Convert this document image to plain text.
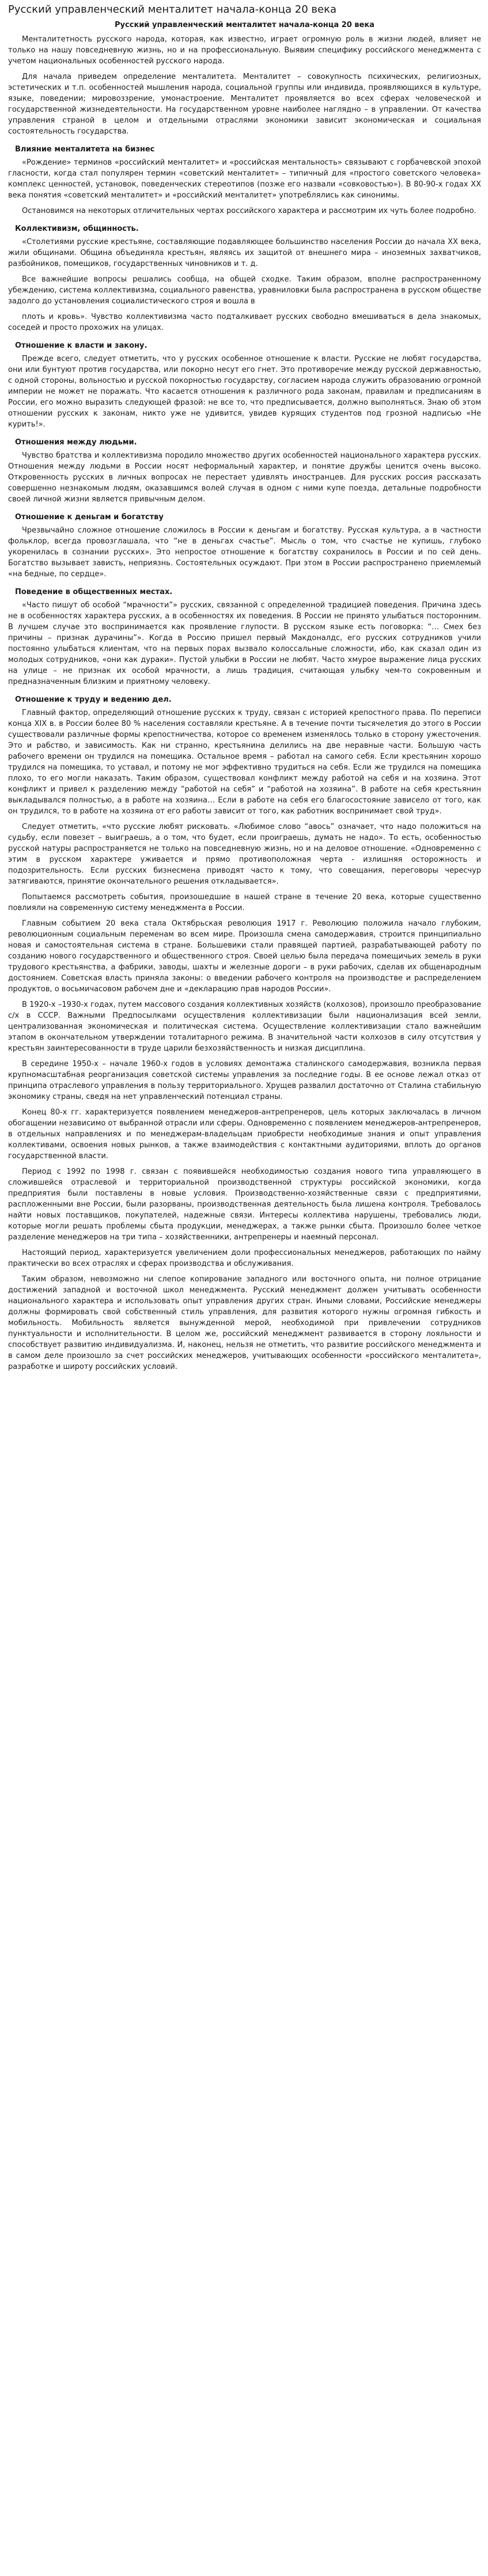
Русский управленческий менталитет начала-конца 20 века
Русский управленческий менталитет начала-конца 20 века

Менталитетность русского народа, которая, как известно, играет огромную роль в жизни людей, влияет не только на нашу повседневную жизнь, но и на профессиональную. Выявим специфику российского менеджмента с учетом национальных особенностей русского народа.

Для начала приведем определение менталитета. Менталитет – совокупность психических, религиозных, эстетических и т.п. особенностей мышления народа, социальной группы или индивида, проявляющихся в культуре, языке, поведении; мировоззрение, умонастроение. Менталитет проявляется во всех сферах человеческой и государственной жизнедеятельности. На государственном уровне наиболее наглядно – в управлении. От качества управления страной в целом и отдельными отраслями экономики зависит экономическая и социальная состоятельность государства.

Влияние менталитета на бизнес

«Рождение» терминов «российский менталитет» и «российская ментальность» связывают с горбачевской эпохой гласности, когда стал популярен термин «советский менталитет» – типичный для «простого советского человека» комплекс ценностей, установок, поведенческих стереотипов (позже его назвали «совковостью»). В 80-90-х годах XX века понятия «советский менталитет» и «российский менталитет» употреблялись как синонимы.

Остановимся на некоторых отличительных чертах российского характера и рассмотрим их чуть более подробно.

Коллективизм, общинность.

«Столетиями русские крестьяне, составляющие подавляющее большинство населения России до начала XX века, жили общинами. Община объединяла крестьян, являясь их защитой от внешнего мира – иноземных захватчиков, разбойников, помещиков, государственных чиновников и т. д.

Все важнейшие вопросы решались сообща, на общей сходке. Таким образом, вполне распространенному убеждению, система коллективизма, социального равенства, уравниловки была распространена в русском обществе задолго до установления социалистического строя и вошла в

плоть и кровь». Чувство коллективизма часто подталкивает русских свободно вмешиваться в дела знакомых, соседей и просто прохожих на улицах.

Отношение к власти и закону.

Прежде всего, следует отметить, что у русских особенное отношение к власти. Русские не любят государства, они или бунтуют против государства, или покорно несут его гнет. Это противоречие между русской державностью, с одной стороны, вольностью и русской покорностью государству, согласием народа служить образованию огромной империи не может не поражать. Что касается отношения к различного рода законам, правилам и предписаниям в России, его можно выразить следующей фразой: не все то, что предписывается, должно выполняться. Знаю об этом отношении русских к законам, никто уже не удивится, увидев курящих студентов под грозной надписью «Не курить!».

Отношения между людьми.

Чувство братства и коллективизма породило множество других особенностей национального характера русских. Отношения между людьми в России носят неформальный характер, и понятие дружбы ценится очень высоко. Откровенность русских в личных вопросах не перестает удивлять иностранцев. Для русских россия рассказать совершенно незнакомым людям, оказавшимся волей случая в одном с ними купе поезда, детальные подробности своей личной жизни является привычным делом.

Отношение к деньгам и богатству

Чрезвычайно сложное отношение сложилось в России к деньгам и богатству. Русская культура, а в частности фольклор, всегда провозглашала, что “не в деньгах счастье”. Мысль о том, что счастье не купишь, глубоко укоренилась в сознании русских». Это непростое отношение к богатству сохранилось в России и по сей день. Богатство вызывает зависть, неприязнь. Состоятельных осуждают. При этом в России распространено приемлемый «на бедные, по сердце».

Поведение в общественных местах.

«Часто пишут об особой “мрачности”» русских, связанной с определенной традицией поведения. Причина здесь не в особенностях характера русских, а в особенностях их поведения. В России не принято улыбаться посторонним. В лучшем случае это воспринимается как проявление глупости. В русском языке есть поговорка: “… Смех без причины – признак дурачины”». Когда в Россию пришел первый Макдоналдс, его русских сотрудников учили постоянно улыбаться клиентам, что на первых порах вызвало колоссальные сложности, ибо, как сказал один из молодых сотрудников, «они как дураки». Пустой улыбки в России не любят. Часто хмурое выражение лица русских на улице – не признак их особой мрачности, а лишь традиция, считающая улыбку чем-то сокровенным и предназначенным близким и приятному человеку.

Отношение к труду и ведению дел.

Главный фактор, определяющий отношение русских к труду, связан с историей крепостного права. По переписи конца XIX в. в России более 80 % населения составляли крестьяне. А в течение почти тысячелетия до этого в России существовали различные формы крепостничества, которое со временем изменялось только в сторону ужесточения. Это и рабство, и зависимость. Как ни странно, крестьянина делились на две неравные части. Большую часть рабочего времени он трудился на помещика. Остальное время – работал на самого себя. Если крестьянин хорошо трудился на помещика, то уставал, и потому не мог эффективно трудиться на себя. Если же трудился на помещика плохо, то его могли наказать. Таким образом, существовал конфликт между работой на себя и на хозяина. Этот конфликт и привел к разделению между “работой на себя” и “работой на хозяина”. В работе на себя крестьянин выкладывался полностью, а в работе на хозяина… Если в работе на себя его благосостояние зависело от того, как он трудился, то в работе на хозяина от его работы зависит от того, как работник воспринимает свой труд».

Следует отметить, «что русские любят рисковать. «Любимое слово “авось” означает, что надо положиться на судьбу, если повезет – выиграешь, а о том, что будет, если проиграешь, думать не надо». То есть, особенностью русской натуры распространяется не только на повседневную жизнь, но и на деловое отношение. «Одновременно с этим в русском характере уживается и прямо противоположная черта - излишняя осторожность и подозрительность. Если русских бизнесмена приводят часто к тому, что совещания, переговоры чересчур затягиваются, принятие окончательного решения откладывается».

Попытаемся рассмотреть события, произошедшие в нашей стране в течение 20 века, которые существенно повлияли на современную систему менеджмента в России.

Главным событием 20 века стала Октябрьская революция 1917 г. Революцию положила начало глубоким, революционным социальным переменам во всем мире. Произошла смена самодержавия, строится принципиально новая и самостоятельная система в стране. Большевики стали правящей партией, разрабатывающей работу по созданию нового государственного и общественного строя. Своей целью была передача помещичьих земель в руки трудового крестьянства, а фабрики, заводы, шахты и железные дороги – в руки рабочих, сделав их общенародным достоянием. Советская власть приняла законы: о введении рабочего контроля на производстве и распределением продуктов, о восьмичасовом рабочем дне и «декларацию прав народов России».

В 1920-х –1930-х годах, путем массового создания коллективных хозяйств (колхозов), произошло преобразование с/х в СССР. Важными Предпосылками осуществления коллективизации были национализация всей земли, централизованная экономическая и политическая система. Осуществление коллективизации стало важнейшим этапом в окончательном утверждении тоталитарного режима. В значительной части колхозов в силу отсутствия у крестьян заинтересованности в труде царили безхозяйственность и низкая дисциплина.

В середине 1950-х – начале 1960-х годов в условиях демонтажа сталинского самодержавия, возникла первая крупномасштабная реорганизация советской системы управления за последние годы. В ее основе лежал отказ от принципа отраслевого управления в пользу территориального. Хрущев развалил достаточно от Сталина стабильную экономику страны, сведя на нет управленческий потенциал страны.

Конец 80-х гг. характеризуется появлением менеджеров-антрепренеров, цель которых заключалась в личном обогащении независимо от выбранной отрасли или сферы. Одновременно с появлением менеджеров-антрепренеров, в отдельных направлениях и по менеджерам-владельцам приобрести необходимые знания и опыт управления коллективами, освоения новых рынков, а также взаимодействия с контактными аудиториями, вплоть до органов государственной власти.

Период с 1992 по 1998 г. связан с появившейся необходимостью создания нового типа управляющего в сложившейся отраслевой и территориальной производственной структуры российской экономики, когда предприятия были поставлены в новые условия. Производственно-хозяйственные связи с предприятиями, распложенными вне России, были разорваны, производственная деятельность была лишена контроля. Требовалось найти новых поставщиков, покупателей, надежные связи. Интересы коллектива нарушены, требовались люди, которые могли решать проблемы сбыта продукции, менеджерах, а также рынки сбыта. Произошло более четкое разделение менеджеров на три типа – хозяйственники, антрепренеры и наемный персонал.

Настоящий период, характеризуется увеличением доли профессиональных менеджеров, работающих по найму практически во всех отраслях и сферах производства и обслуживания.

Таким образом, невозможно ни слепое копирование западного или восточного опыта, ни полное отрицание достижений западной и восточной школ менеджмента. Русский менеджмент должен учитывать особенности национального характера и использовать опыт управления других стран. Иными словами, Российские менеджеры должны формировать свой собственный стиль управления, для развития которого нужны огромная гибкость и мобильность. Мобильность является вынужденной мерой, необходимой при привлечении сотрудников пунктуальности и исполнительности. В целом же, российский менеджмент развивается в сторону лояльности и способствует развитию индивидуализма. И, наконец, нельзя не отметить, что развитие российского менеджмента и в самом деле произошло за счет российских менеджеров, учитывающих особенности «российского менталитета», разработке и широту российских условий.
